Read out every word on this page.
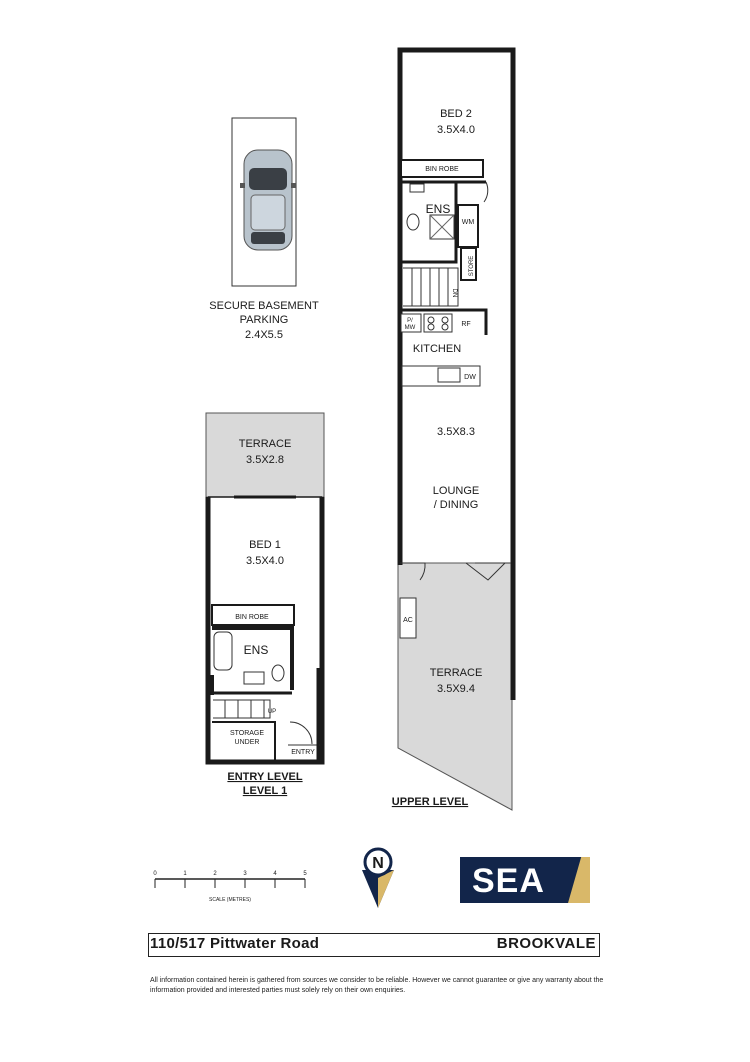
SECURE BASEMENT
PARKING
2.4X5.5
TERRACE
3.5X2.8
BED 1
3.5X4.0
BIN ROBE
ENS
UP
STORAGE
UNDER
ENTRY
ENTRY LEVEL
LEVEL 1
BED 2
3.5X4.0
BIN ROBE
ENS
WM
STORE
DN
P/
MW	RF
KITCHEN
DW
3.5X8.3
LOUNGE
/ DINING
AC
TERRACE
3.5X9.4
UPPER LEVEL
0	1	2	3	4	5
SCALE (METRES)
N	SEA
110/517 Pittwater Road	BROOKVALE
All information contained herein is gathered from sources we consider to be reliable. However we cannot guarantee or give any warranty about the information provided and interested parties must solely rely on their own enquiries.
